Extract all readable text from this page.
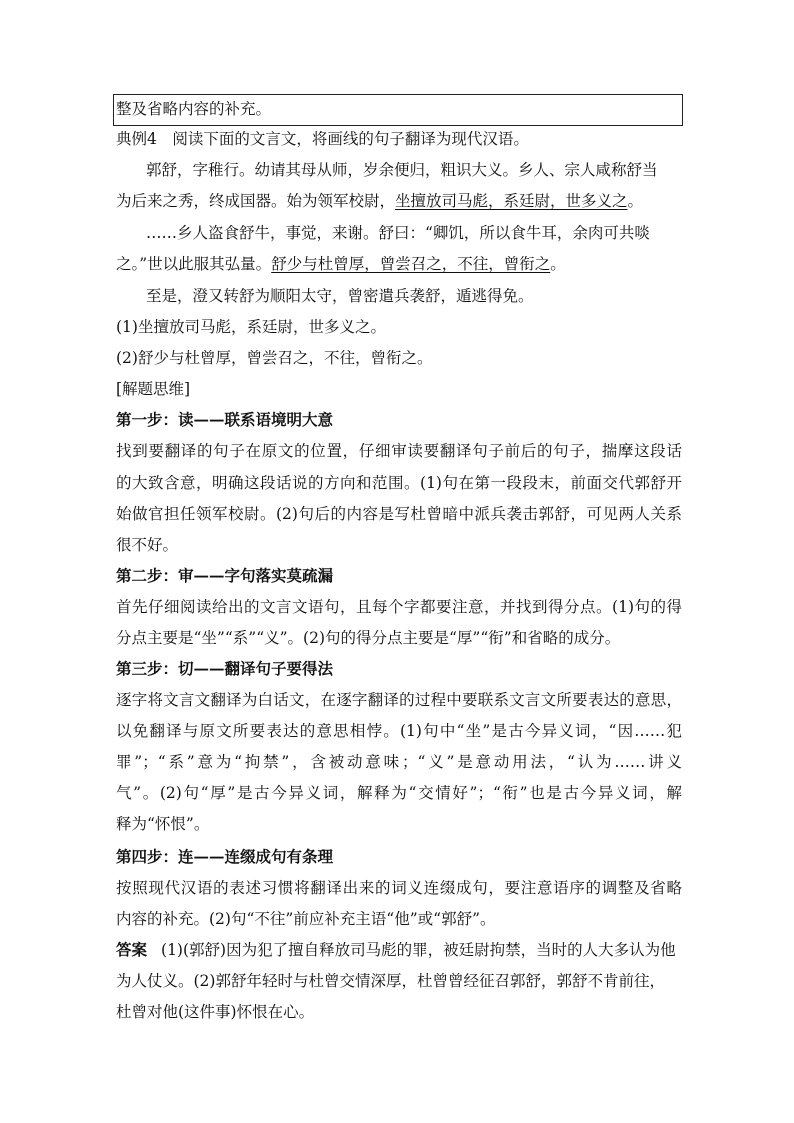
整及省略内容的补充。
典例4　阅读下面的文言文，将画线的句子翻译为现代汉语。
郭舒，字稚行。幼请其母从师，岁余便归，粗识大义。乡人、宗人咸称舒当
为后来之秀，终成国器。始为领军校尉，坐擅放司马彪，系廷尉，世多义之。
……乡人盗食舒牛，事觉，来谢。舒曰：“卿饥，所以食牛耳，余肉可共啖
之。”世以此服其弘量。舒少与杜曾厚，曾尝召之，不往，曾衔之。
至是，澄又转舒为顺阳太守，曾密遣兵袭舒，遁逃得免。
(1)坐擅放司马彪，系廷尉，世多义之。
(2)舒少与杜曾厚，曾尝召之，不往，曾衔之。
[解题思维]
第一步：读——联系语境明大意
找到要翻译的句子在原文的位置，仔细审读要翻译句子前后的句子，揣摩这段话
的大致含意，明确这段话说的方向和范围。(1)句在第一段段末，前面交代郭舒开
始做官担任领军校尉。(2)句后的内容是写杜曾暗中派兵袭击郭舒，可见两人关系
很不好。
第二步：审——字句落实莫疏漏
首先仔细阅读给出的文言文语句，且每个字都要注意，并找到得分点。(1)句的得
分点主要是“坐”“系”“义”。(2)句的得分点主要是“厚”“衔”和省略的成分。
第三步：切——翻译句子要得法
逐字将文言文翻译为白话文，在逐字翻译的过程中要联系文言文所要表达的意思，
以免翻译与原文所要表达的意思相悖。(1)句中“坐”是古今异义词，“因……犯
罪”；“系”意为“拘禁”，含被动意味；“义”是意动用法，“认为……讲义
气”。(2)句“厚”是古今异义词，解释为“交情好”；“衔”也是古今异义词，解
释为“怀恨”。
第四步：连——连缀成句有条理
按照现代汉语的表述习惯将翻译出来的词义连缀成句，要注意语序的调整及省略
内容的补充。(2)句“不往”前应补充主语“他”或“郭舒”。
答案 (1)(郭舒)因为犯了擅自释放司马彪的罪，被廷尉拘禁，当时的人大多认为他
为人仗义。(2)郭舒年轻时与杜曾交情深厚，杜曾曾经征召郭舒，郭舒不肯前往，
杜曾对他(这件事)怀恨在心。
